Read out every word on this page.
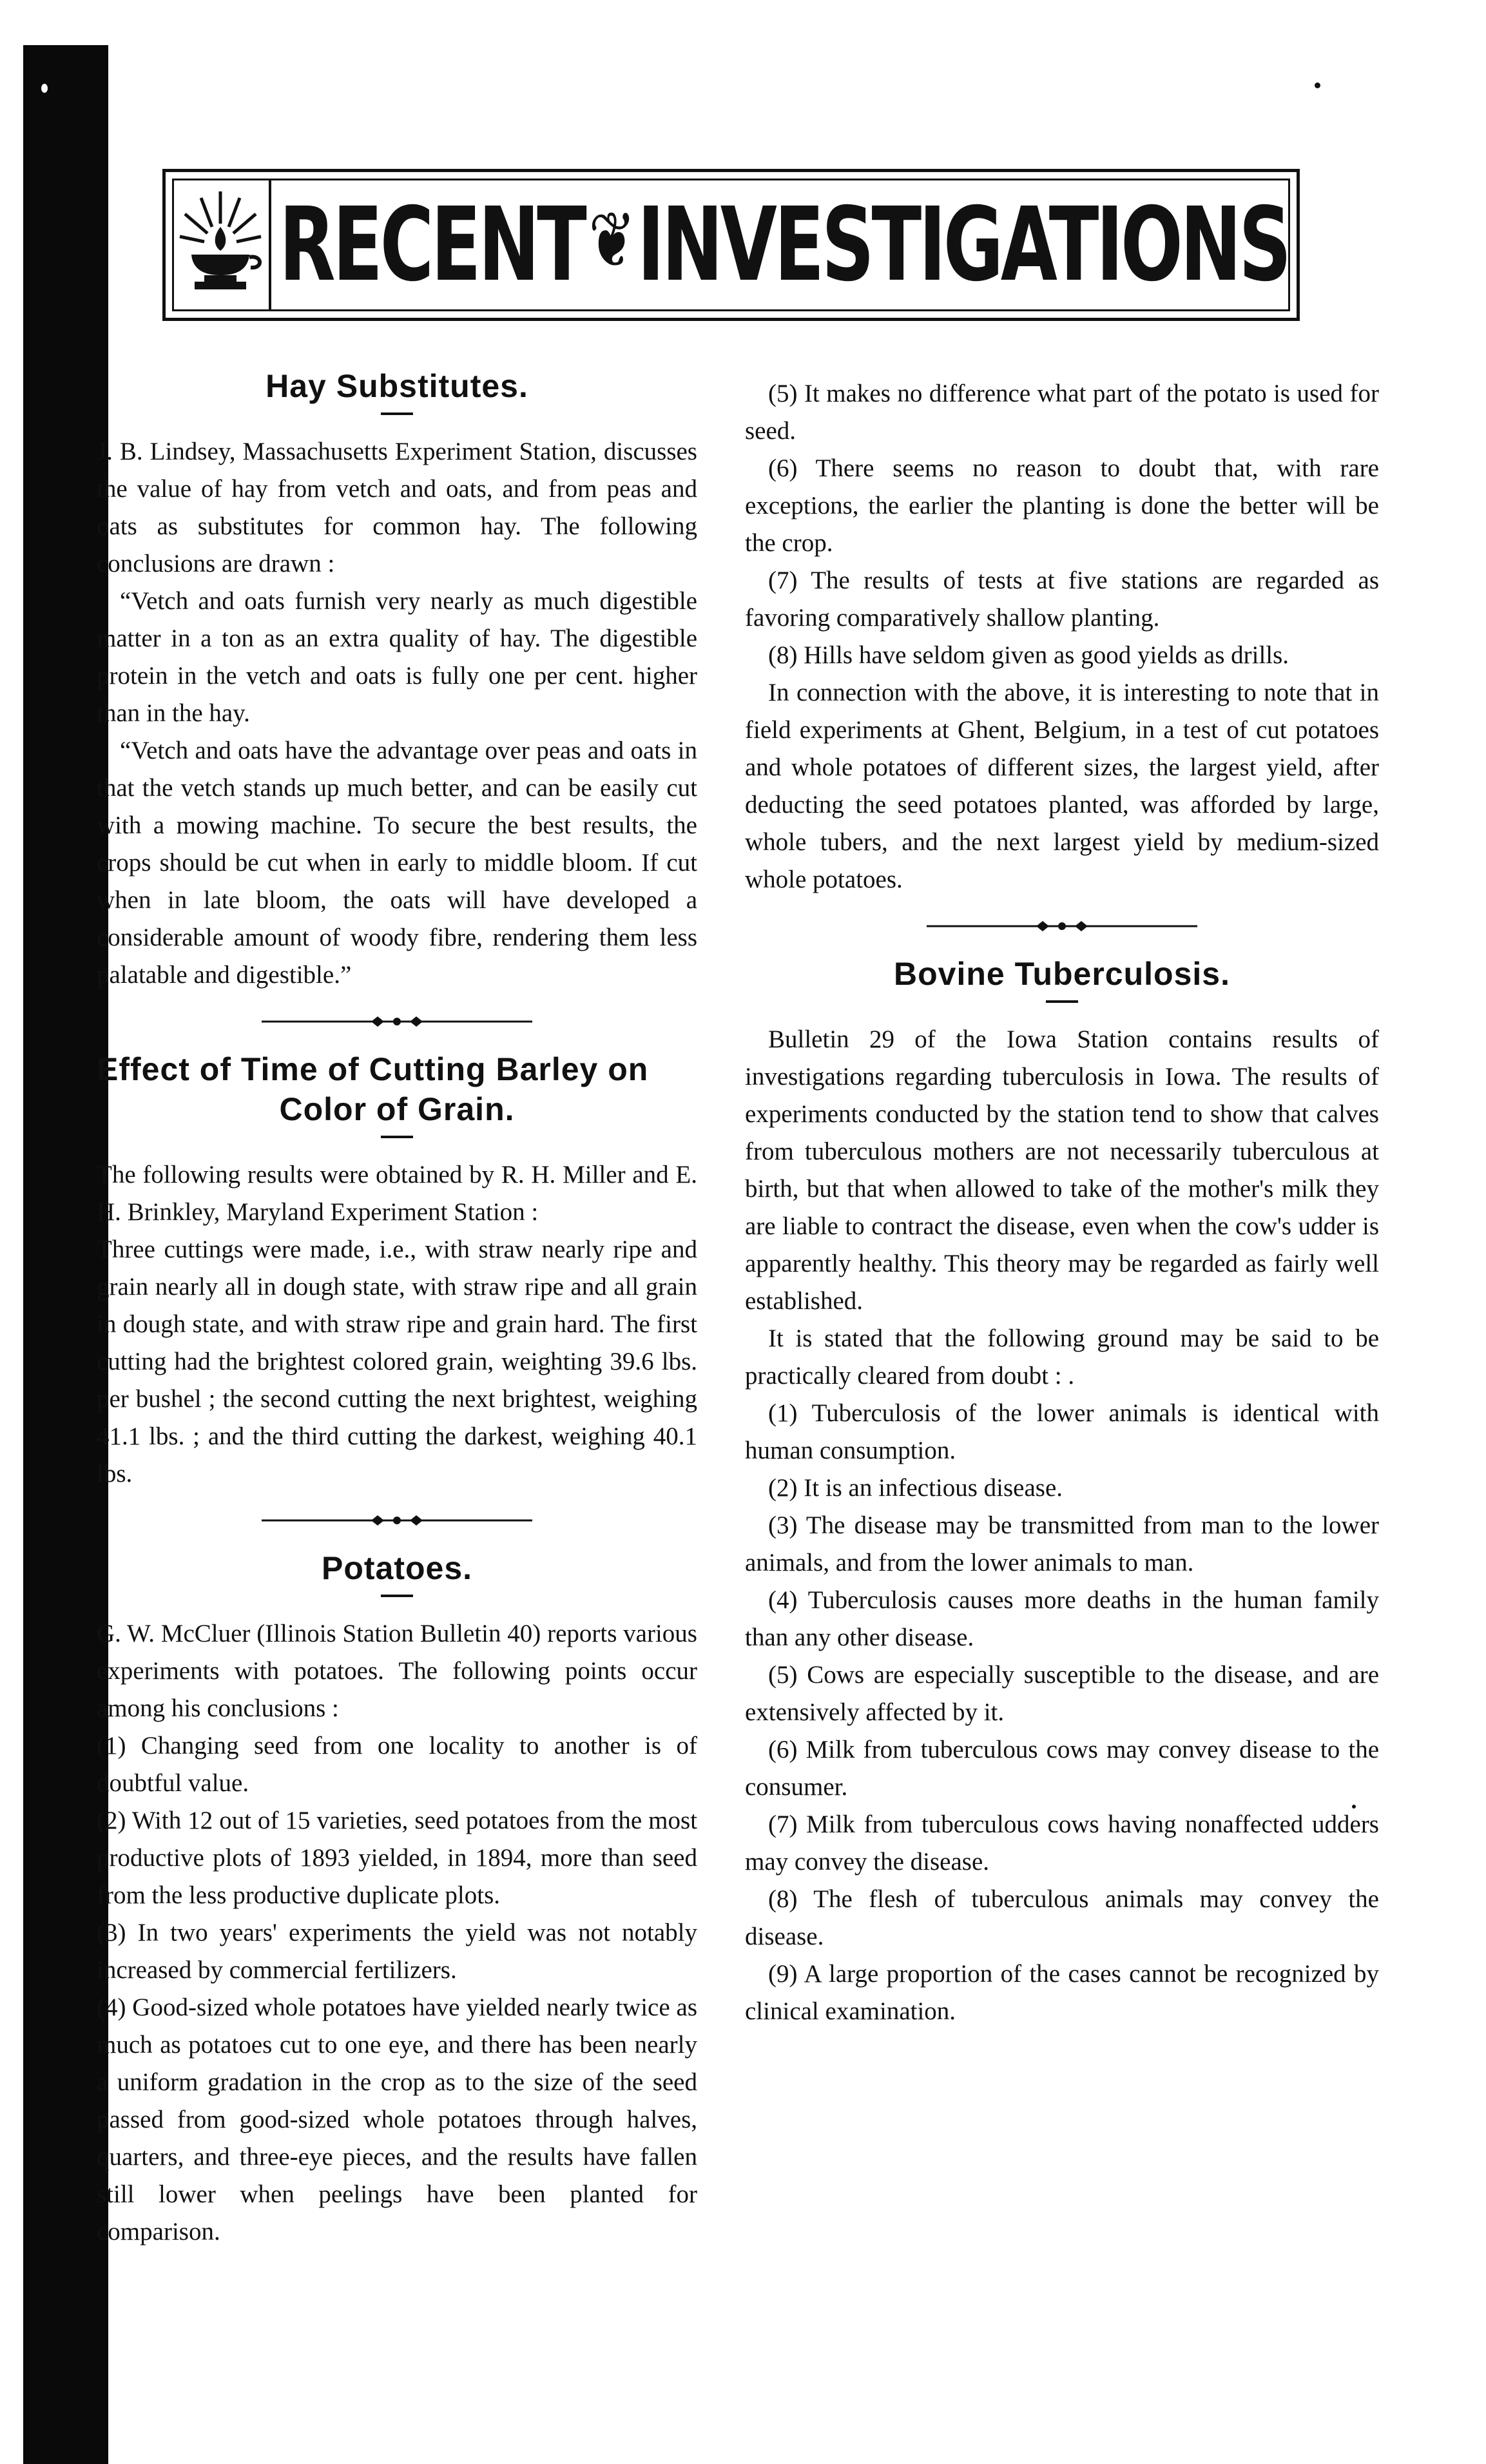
RECENT ❦ INVESTIGATIONS
Hay Substitutes.

J. B. Lindsey, Massachusetts Experiment Station, discusses the value of hay from vetch and oats, and from peas and oats as substitutes for common hay. The following conclusions are drawn :

“Vetch and oats furnish very nearly as much digestible matter in a ton as an extra quality of hay. The digestible protein in the vetch and oats is fully one per cent. higher than in the hay.

“Vetch and oats have the advantage over peas and oats in that the vetch stands up much better, and can be easily cut with a mowing machine. To secure the best results, the crops should be cut when in early to middle bloom. If cut when in late bloom, the oats will have developed a considerable amount of woody fibre, rendering them less palatable and digestible.”

Effect of Time of Cutting Barley on
Color of Grain.

The following results were obtained by R. H. Miller and E. H. Brinkley, Maryland Experiment Station :

Three cuttings were made, i.e., with straw nearly ripe and grain nearly all in dough state, with straw ripe and all grain in dough state, and with straw ripe and grain hard. The first cutting had the brightest colored grain, weighting 39.6 lbs. per bushel ; the second cutting the next brightest, weighing 41.1 lbs. ; and the third cutting the darkest, weighing 40.1 lbs.

Potatoes.

G. W. McCluer (Illinois Station Bulletin 40) reports various experiments with potatoes. The following points occur among his conclusions :

(1) Changing seed from one locality to another is of doubtful value.

(2) With 12 out of 15 varieties, seed potatoes from the most productive plots of 1893 yielded, in 1894, more than seed from the less productive duplicate plots.

(3) In two years' experiments the yield was not notably increased by commercial fertilizers.

(4) Good-sized whole potatoes have yielded nearly twice as much as potatoes cut to one eye, and there has been nearly a uniform gradation in the crop as to the size of the seed passed from good-sized whole potatoes through halves, quarters, and three-eye pieces, and the results have fallen still lower when peelings have been planted for comparison.

(5) It makes no difference what part of the potato is used for seed.

(6) There seems no reason to doubt that, with rare exceptions, the earlier the planting is done the better will be the crop.

(7) The results of tests at five stations are regarded as favoring comparatively shallow planting.

(8) Hills have seldom given as good yields as drills.

In connection with the above, it is interesting to note that in field experiments at Ghent, Belgium, in a test of cut potatoes and whole potatoes of different sizes, the largest yield, after deducting the seed potatoes planted, was afforded by large, whole tubers, and the next largest yield by medium-sized whole potatoes.

Bovine Tuberculosis.

Bulletin 29 of the Iowa Station contains results of investigations regarding tuberculosis in Iowa. The results of experiments conducted by the station tend to show that calves from tuberculous mothers are not necessarily tuberculous at birth, but that when allowed to take of the mother's milk they are liable to contract the disease, even when the cow's udder is apparently healthy. This theory may be regarded as fairly well established.

It is stated that the following ground may be said to be practically cleared from doubt : .

(1) Tuberculosis of the lower animals is identical with human consumption.

(2) It is an infectious disease.

(3) The disease may be transmitted from man to the lower animals, and from the lower animals to man.

(4) Tuberculosis causes more deaths in the human family than any other disease.

(5) Cows are especially susceptible to the disease, and are extensively affected by it.

(6) Milk from tuberculous cows may convey disease to the consumer.

(7) Milk from tuberculous cows having nonaffected udders may convey the disease.

(8) The flesh of tuberculous animals may convey the disease.

(9) A large proportion of the cases cannot be recognized by clinical examination.
